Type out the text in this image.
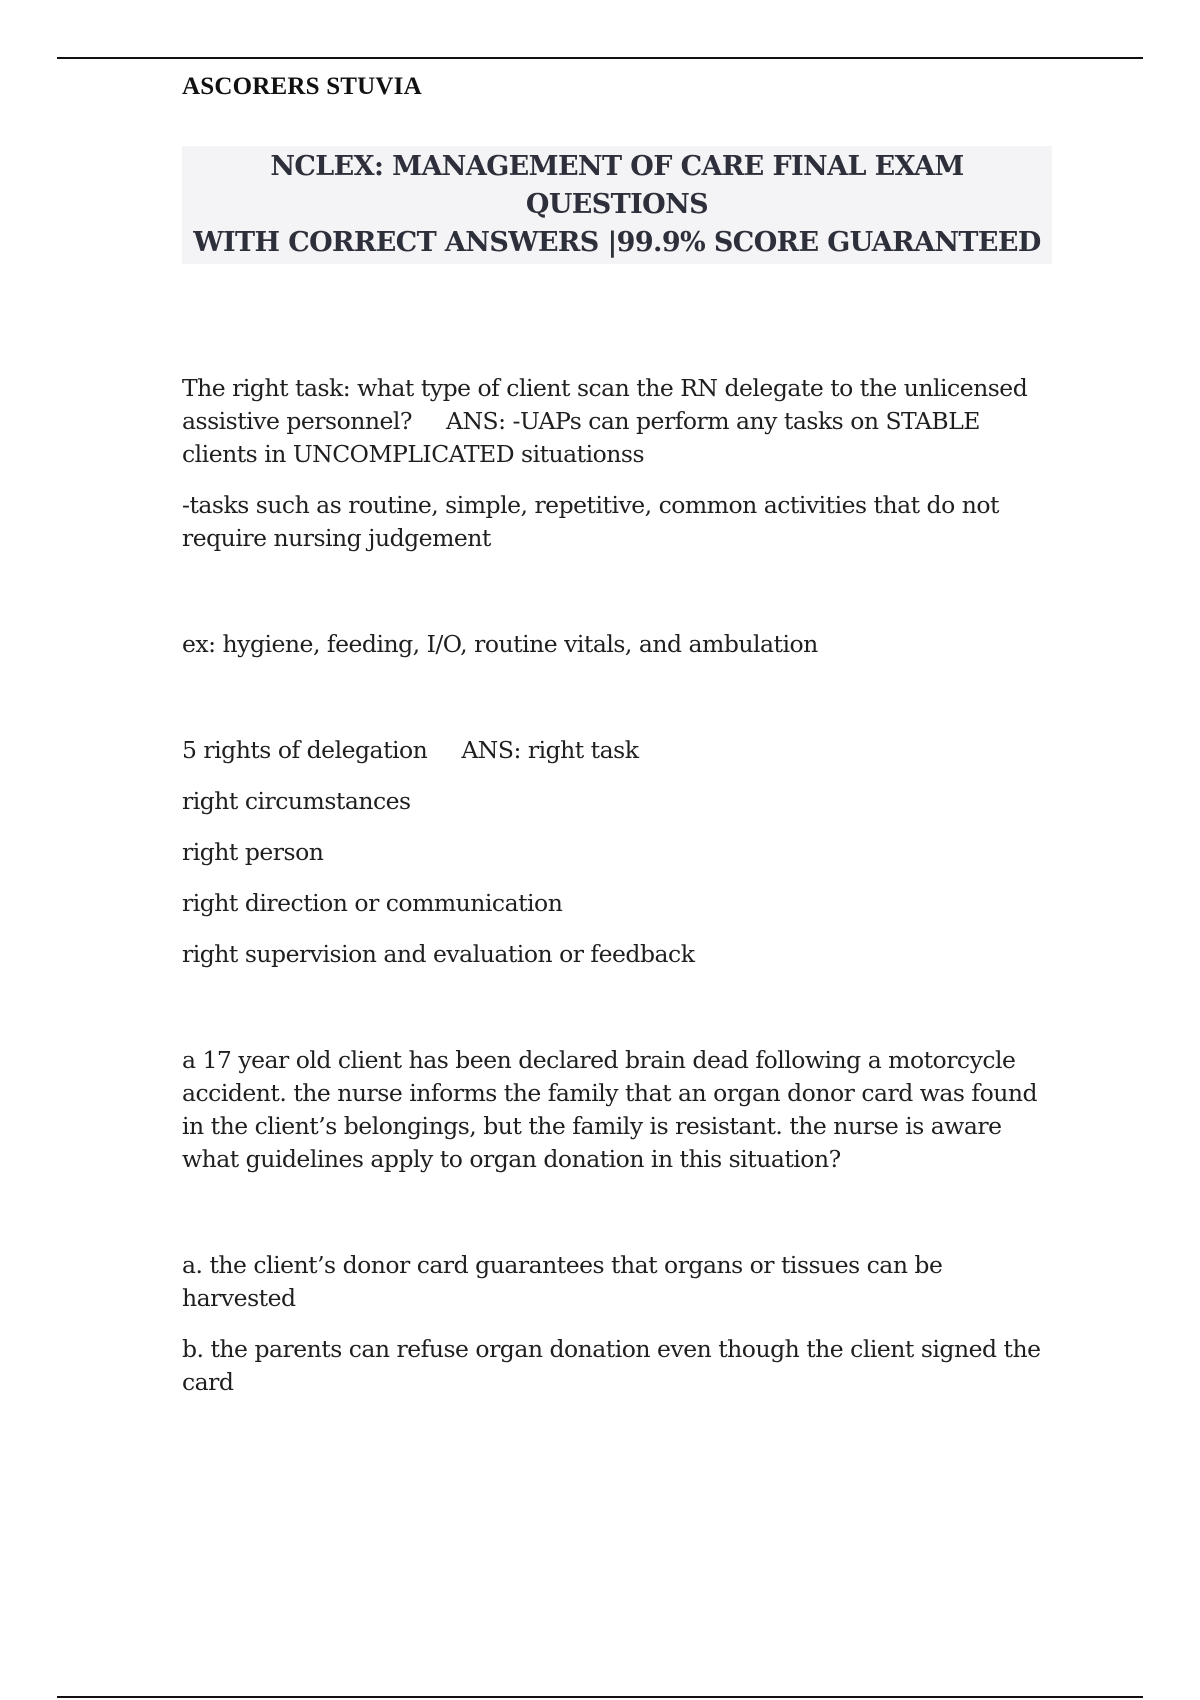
ASCORERS STUVIA

NCLEX: MANAGEMENT OF CARE FINAL EXAM QUESTIONS

WITH CORRECT ANSWERS |99.9% SCORE GUARANTEED

The right task: what type of client scan the RN delegate to the unlicensed assistive personnel? ANS: -UAPs can perform any tasks on STABLE clients in UNCOMPLICATED situationss

-tasks such as routine, simple, repetitive, common activities that do not require nursing judgement

ex: hygiene, feeding, I/O, routine vitals, and ambulation

5 rights of delegation ANS: right task

right circumstances

right person

right direction or communication

right supervision and evaluation or feedback

a 17 year old client has been declared brain dead following a motorcycle accident. the nurse informs the family that an organ donor card was found in the client’s belongings, but the family is resistant. the nurse is aware what guidelines apply to organ donation in this situation?

a. the client’s donor card guarantees that organs or tissues can be harvested

b. the parents can refuse organ donation even though the client signed the card
